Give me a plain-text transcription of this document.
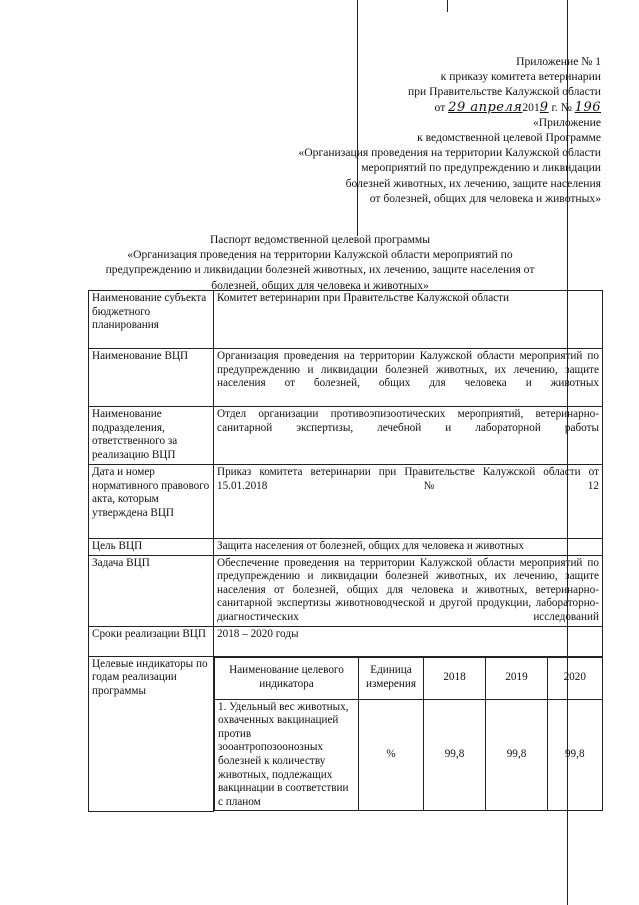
Приложение № 1
к приказу комитета ветеринарии
при Правительстве Калужской области
от 29 апреля2019 г. № 196
«Приложение
к ведомственной целевой Программе
«Организация проведения на территории Калужской области
мероприятий по предупреждению и ликвидации
болезней животных, их лечению, защите населения
от болезней, общих для человека и животных»
Паспорт ведомственной целевой программы
«Организация проведения на территории Калужской области мероприятий по
предупреждению и ликвидации болезней животных, их лечению, защите населения от
болезней, общих для человека и животных»
Наименование субъекта бюджетного планирования	Комитет ветеринарии при Правительстве Калужской области
Наименование ВЦП	Организация проведения на территории Калужской области мероприятий по предупреждению и ликвидации болезней животных, их лечению, защите населения от болезней, общих для человека и животных
Наименование подразделения, ответственного за реализацию ВЦП	Отдел организации противоэпизоотических мероприятий, ветеринарно-санитарной экспертизы, лечебной и лабораторной работы
Дата и номер нормативного правового акта, которым утверждена ВЦП	Приказ комитета ветеринарии при Правительстве Калужской области от 15.01.2018 №12
Цель ВЦП	Защита населения от болезней, общих для человека и животных
Задача ВЦП	Обеспечение проведения на территории Калужской области мероприятий по предупреждению и ликвидации болезней животных, их лечению, защите населения от болезней, общих для человека и животных, ветеринарно-санитарной экспертизы животноводческой и другой продукции, лабораторно-диагностических исследований
Сроки реализации ВЦП	2018 – 2020 годы
Целевые индикаторы по годам реализации программы	
Наименование целевого индикатора	Единица измерения	2018	2019	2020
1. Удельный вес животных, охваченных вакцинацией против зооантропозоонозных болезней к количеству животных, подлежащих вакцинации в соответствии с планом	%	99,8	99,8	99,8
